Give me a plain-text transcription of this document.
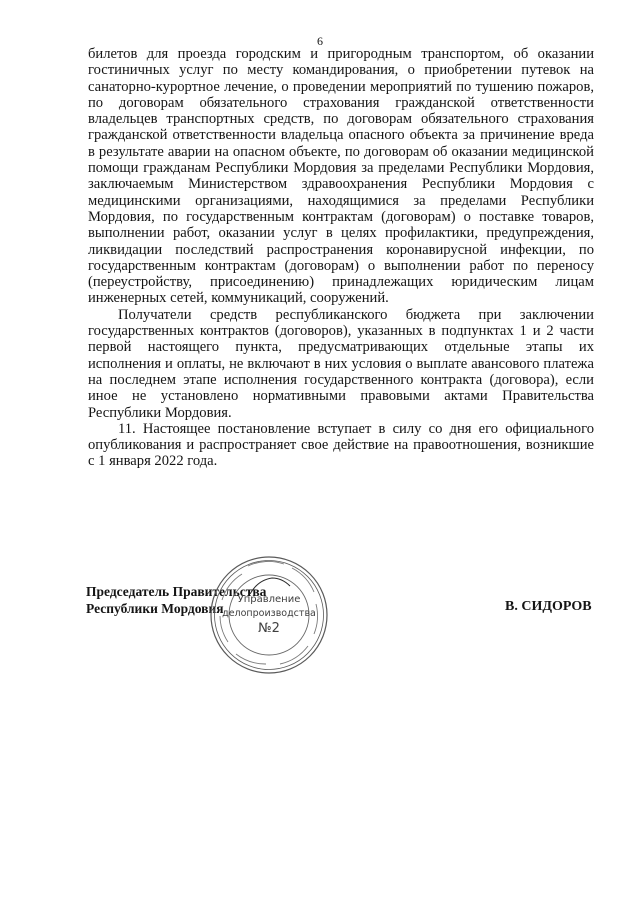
6

билетов для проезда городским и пригородным транспортом, об оказании гостиничных услуг по месту командирования, о приобретении путевок на санаторно-курортное лечение, о проведении мероприятий по тушению пожаров, по договорам обязательного страхования гражданской ответственности владельцев транспортных средств, по договорам обязательного страхования гражданской ответственности владельца опасного объекта за причинение вреда в результате аварии на опасном объекте, по договорам об оказании медицинской помощи гражданам Республики Мордовия за пределами Республики Мордовия, заключаемым Министерством здравоохранения Республики Мордовия с медицинскими организациями, находящимися за пределами Республики Мордовия, по государственным контрактам (договорам) о поставке товаров, выполнении работ, оказании услуг в целях профилактики, предупреждения, ликвидации последствий распространения коронавирусной инфекции, по государственным контрактам (договорам) о выполнении работ по переносу (переустройству, присоединению) принадлежащих юридическим лицам инженерных сетей, коммуникаций, сооружений.

Получатели средств республиканского бюджета при заключении государственных контрактов (договоров), указанных в подпунктах 1 и 2 части первой настоящего пункта, предусматривающих отдельные этапы их исполнения и оплаты, не включают в них условия о выплате авансового платежа на последнем этапе исполнения государственного контракта (договора), если иное не установлено нормативными правовыми актами Правительства Республики Мордовия.

11. Настоящее постановление вступает в силу со дня его официального опубликования и распространяет свое действие на правоотношения, возникшие с 1 января 2022 года.

Председатель Правительства
Республики Мордовия	В. СИДОРОВ
Управление
делопроизводства
№2
